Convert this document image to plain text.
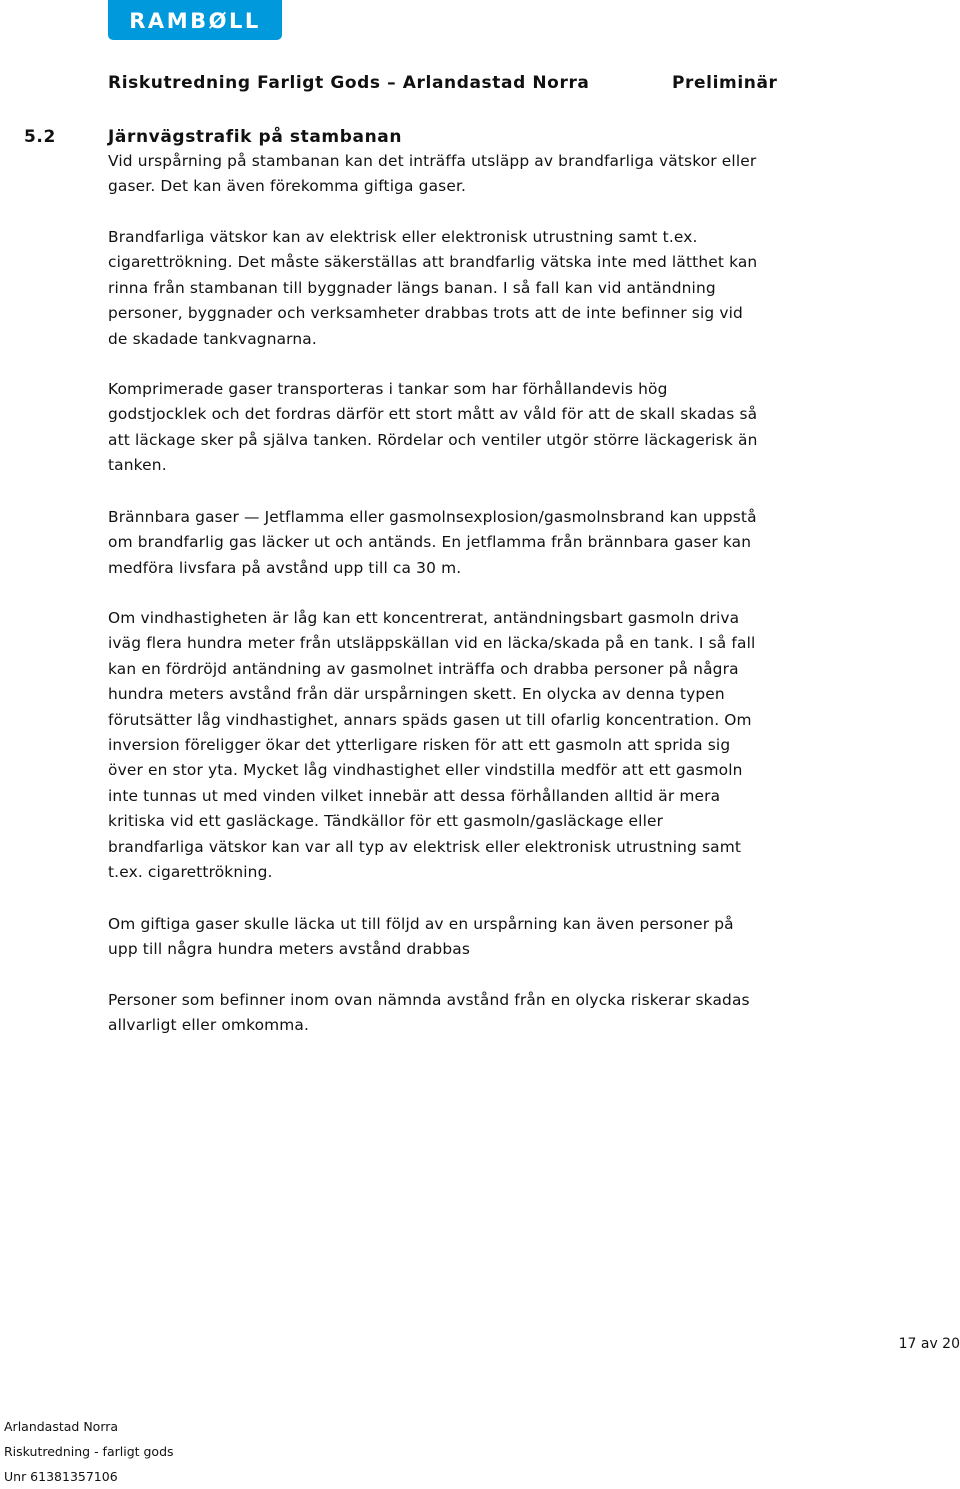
RAMBØLL
Riskutredning Farligt Gods – Arlandastad Norra	Preliminär
5.2	Järnvägstrafik på stambanan

Vid urspårning på stambanan kan det inträffa utsläpp av brandfarliga vätskor eller
gaser. Det kan även förekomma giftiga gaser.

Brandfarliga vätskor kan av elektrisk eller elektronisk utrustning samt t.ex.
cigarettrökning. Det måste säkerställas att brandfarlig vätska inte med lätthet kan
rinna från stambanan till byggnader längs banan. I så fall kan vid antändning
personer, byggnader och verksamheter drabbas trots att de inte befinner sig vid
de skadade tankvagnarna.

Komprimerade gaser transporteras i tankar som har förhållandevis hög
godstjocklek och det fordras därför ett stort mått av våld för att de skall skadas så
att läckage sker på själva tanken. Rördelar och ventiler utgör större läckagerisk än
tanken.

Brännbara gaser — Jetflamma eller gasmolnsexplosion/gasmolnsbrand kan uppstå
om brandfarlig gas läcker ut och antänds. En jetflamma från brännbara gaser kan
medföra livsfara på avstånd upp till ca 30 m.

Om vindhastigheten är låg kan ett koncentrerat, antändningsbart gasmoln driva
iväg flera hundra meter från utsläppskällan vid en läcka/skada på en tank. I så fall
kan en fördröjd antändning av gasmolnet inträffa och drabba personer på några
hundra meters avstånd från där urspårningen skett. En olycka av denna typen
förutsätter låg vindhastighet, annars späds gasen ut till ofarlig koncentration. Om
inversion föreligger ökar det ytterligare risken för att ett gasmoln att sprida sig
över en stor yta. Mycket låg vindhastighet eller vindstilla medför att ett gasmoln
inte tunnas ut med vinden vilket innebär att dessa förhållanden alltid är mera
kritiska vid ett gasläckage. Tändkällor för ett gasmoln/gasläckage eller
brandfarliga vätskor kan var all typ av elektrisk eller elektronisk utrustning samt
t.ex. cigarettrökning.

Om giftiga gaser skulle läcka ut till följd av en urspårning kan även personer på
upp till några hundra meters avstånd drabbas

Personer som befinner inom ovan nämnda avstånd från en olycka riskerar skadas
allvarligt eller omkomma.

17 av 20
Arlandastad Norra
Riskutredning - farligt gods
Unr 61381357106
